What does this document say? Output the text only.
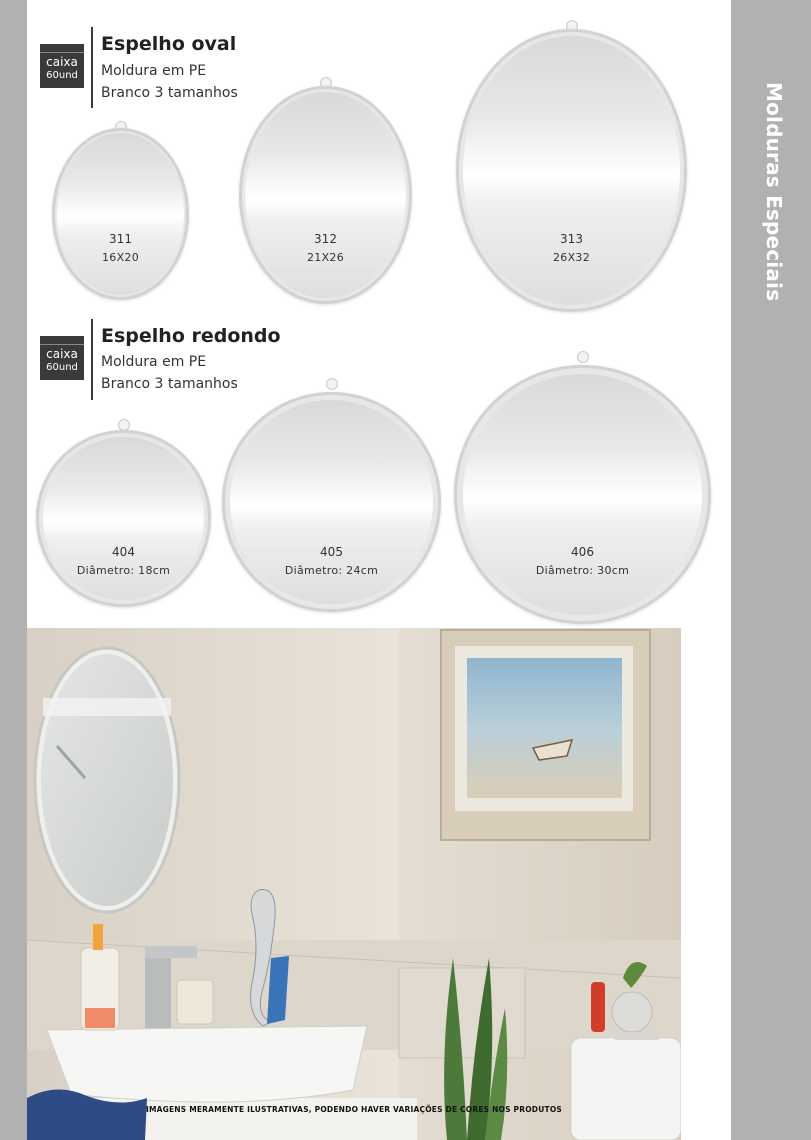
Molduras Especiais
caixa
60und
Espelho oval
Moldura em PE
Branco 3 tamanhos
311
16X20
312
21X26
313
26X32
caixa
60und
Espelho redondo
Moldura em PE
Branco 3 tamanhos
404
Diâmetro: 18cm
405
Diâmetro: 24cm
406
Diâmetro: 30cm
IMAGENS MERAMENTE ILUSTRATIVAS, PODENDO HAVER VARIAÇÕES DE CORES NOS PRODUTOS
